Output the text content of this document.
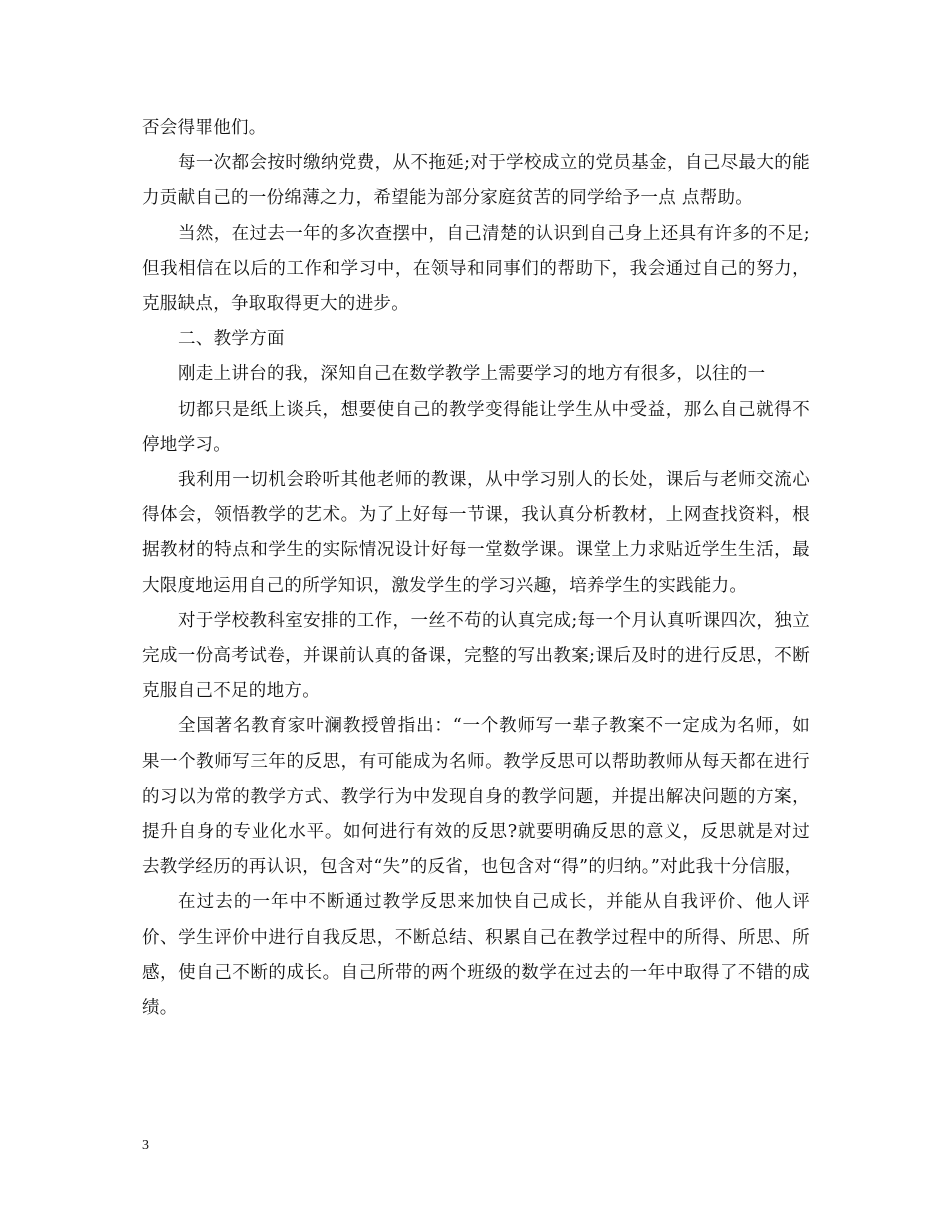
否会得罪他们。

每一次都会按时缴纳党费，从不拖延;对于学校成立的党员基金，自己尽最大的能力贡献自己的一份绵薄之力，希望能为部分家庭贫苦的同学给予一点 点帮助。

当然，在过去一年的多次查摆中，自己清楚的认识到自己身上还具有许多的不足;但我相信在以后的工作和学习中，在领导和同事们的帮助下，我会通过自己的努力，克服缺点，争取取得更大的进步。

二、教学方面

刚走上讲台的我，深知自己在数学教学上需要学习的地方有很多，以往的一

切都只是纸上谈兵，想要使自己的教学变得能让学生从中受益，那么自己就得不停地学习。

我利用一切机会聆听其他老师的教课，从中学习别人的长处，课后与老师交流心得体会，领悟教学的艺术。为了上好每一节课，我认真分析教材，上网查找资料，根据教材的特点和学生的实际情况设计好每一堂数学课。课堂上力求贴近学生生活，最大限度地运用自己的所学知识，激发学生的学习兴趣，培养学生的实践能力。

对于学校教科室安排的工作，一丝不苟的认真完成;每一个月认真听课四次，独立完成一份高考试卷，并课前认真的备课，完整的写出教案;课后及时的进行反思，不断克服自己不足的地方。

全国著名教育家叶澜教授曾指出：“一个教师写一辈子教案不一定成为名师，如果一个教师写三年的反思，有可能成为名师。教学反思可以帮助教师从每天都在进行的习以为常的教学方式、教学行为中发现自身的教学问题，并提出解决问题的方案，提升自身的专业化水平。如何进行有效的反思?就要明确反思的意义，反思就是对过去教学经历的再认识，包含对“失”的反省，也包含对“得”的归纳。”对此我十分信服，

在过去的一年中不断通过教学反思来加快自己成长，并能从自我评价、他人评价、学生评价中进行自我反思，不断总结、积累自己在教学过程中的所得、所思、所感，使自己不断的成长。自己所带的两个班级的数学在过去的一年中取得了不错的成绩。

3
